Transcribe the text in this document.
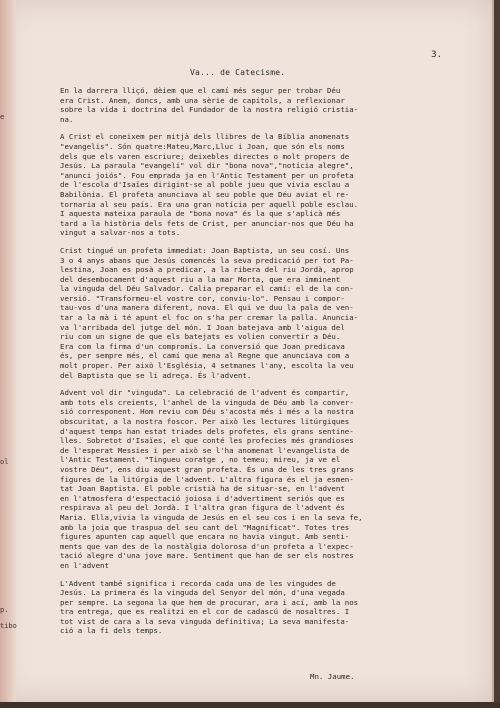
e
ol
p.
tibo
3.
Va... de Catecisme.

En la darrera lliçó, dèiem que el camí més segur per trobar Déu
era Crist. Anem, doncs, amb una sèrie de capítols, a reflexionar
sobre la vida i doctrina del Fundador de la nostra religió cristia-
na.

A Crist el coneixem per mitjà dels llibres de la Bíblia anomenats
"evangelis". Són quatre:Mateu,Marc,Lluc i Joan, que són els noms
dels que els varen escriure; deixebles directes o molt propers de
Jesús. La paraula "evangeli" vol dir "bona nova","notícia alegre",
"anunci joiós". Fou emprada ja en l'Antic Testament per un profeta
de l'escola d'Isaïes dirigint-se al poble jueu que vivia esclau a
Babilònia. El profeta anunciava al seu poble que Déu aviat el re-
tornaria al seu país. Era una gran notícia per aquell poble esclau.
I aquesta mateixa paraula de "bona nova" és la que s'aplicà més
tard a la història dels fets de Crist, per anunciar-nos que Déu ha
vingut a salvar-nos a tots.

Crist tingué un profeta immediat: Joan Baptista, un seu cosí. Uns
3 o 4 anys abans que Jesús comencés la seva predicació per tot Pa-
lestina, Joan es posà a predicar, a la ribera del riu Jordà, aprop
del desembocament d'aquest riu a la mar Morta, que era imminent
la vinguda del Déu Salvador. Calia preparar el camí: el de la con-
versió. "Transformeu-el vostre cor, conviu-lo". Pensau i compor-
tau-vos d'una manera diferent, nova. El qui ve duu la pala de ven-
tar a la mà i té apunt el foc on s'ha per cremar la palla. Anuncia-
va l'arribada del jutge del món. I Joan batejava amb l'aigua del
riu com un signe de que els batejats es volien convertir a Déu.
Era com la firma d'un compromís. La conversió que Joan predicava
és, per sempre més, el camí que mena al Regne que anunciava com a
molt proper. Per això l'Església, 4 setmanes l'any, escolta la veu
del Baptista que se li adreça. És l'advent.

Advent vol dir "vinguda". La celebració de l'advent és compartir,
amb tots els creients, l'anhel de la vinguda de Déu amb la conver-
sió corresponent. Hom reviu com Déu s'acosta més i més a la nostra
obscuritat, a la nostra foscor. Per això les lectures litúrgiques
d'aquest temps han estat triades dels profetes, els grans sentine-
lles. Sobretot d'Isaïes, el que conté les profecies més grandioses
de l'esperat Messies i per això se l'ha anomenat l'evangelista de
l'Antic Testament. "Tingueu coratge , no temeu; mireu, ja ve el
vostre Déu", ens diu aquest gran profeta. És una de les tres grans
figures de la litúrgia de l'advent. L'altra figura és el ja esmen-
tat Joan Baptista. El poble cristià ha de situar-se, en l'advent
en l'atmosfera d'espectació joiosa i d'advertiment seriós que es
respirava al peu del Jordà. I l'altra gran figura de l'advent és
Maria. Ella,vivia la vinguda de Jesús en el seu cos i en la seva fe,
amb la joia que traspua del seu cant del "Magnificat". Totes tres
figures apunten cap aquell que encara no havia vingut. Amb senti-
ments que van des de la nostàlgia dolorosa d'un profeta a l'expec-
tació alegre d'una jove mare. Sentiment que han de ser els nostres
en l'advent

L'Advent també significa i recorda cada una de les vingudes de
Jesús. La primera és la vinguda del Senyor del món, d'una vegada
per sempre. La segona la que hem de procurar, ara i ací, amb la nos
tra entrega, que es realitzi en el cor de cadascú de nosaltres. I
tot vist de cara a la seva vinguda definitiva; La seva manifesta-
ció a la fi dels temps.

Mn. Jaume.
